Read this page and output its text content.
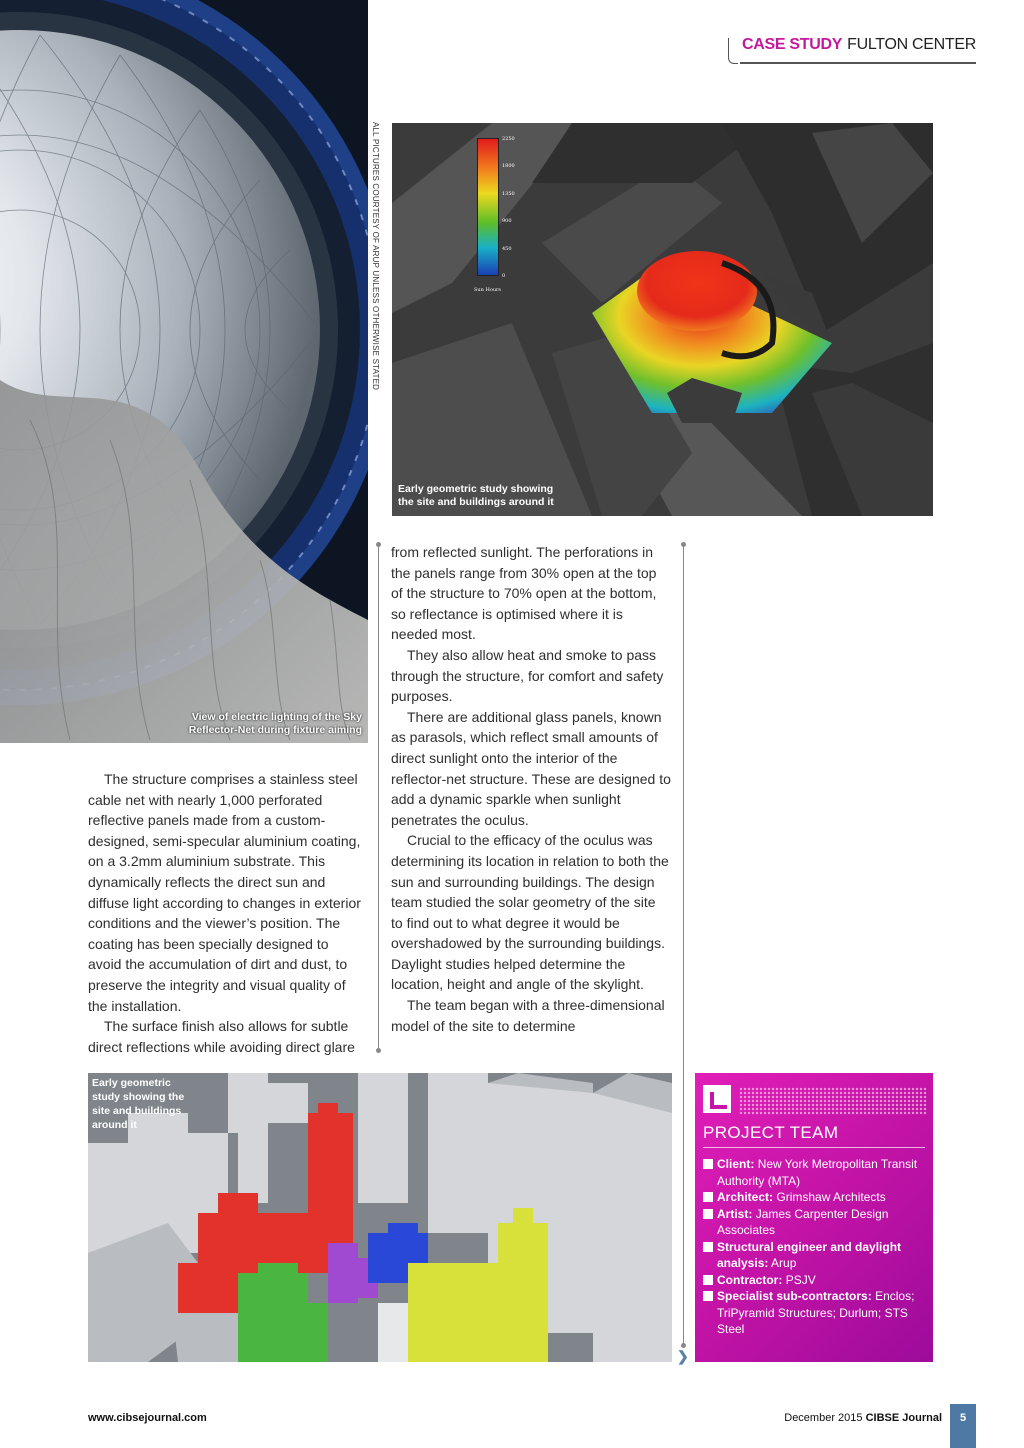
CASE STUDY FULTON CENTER
View of electric lighting of the Sky
Reflector-Net during fixture aiming
ALL PICTURES COURTESY OF ARUP UNLESS OTHERWISE STATED	2250
1800
1350
900
450
0
Sun Hours
Early geometric study showing
the site and buildings around it

The structure comprises a stainless steel cable net with nearly 1,000 perforated reflective panels made from a custom-designed, semi-specular aluminium coating, on a 3.2mm aluminium substrate. This dynamically reflects the direct sun and diffuse light according to changes in exterior conditions and the viewer’s position. The coating has been specially designed to avoid the accumulation of dirt and dust, to preserve the integrity and visual quality of the installation.

The surface finish also allows for subtle direct reflections while avoiding direct glare

from reflected sunlight. The perforations in the panels range from 30% open at the top of the structure to 70% open at the bottom, so reflectance is optimised where it is needed most.

They also allow heat and smoke to pass through the structure, for comfort and safety purposes.

There are additional glass panels, known as parasols, which reflect small amounts of direct sunlight onto the interior of the reflector-net structure. These are designed to add a dynamic sparkle when sunlight penetrates the oculus.

Crucial to the efficacy of the oculus was determining its location in relation to both the sun and surrounding buildings. The design team studied the solar geometry of the site to find out to what degree it would be overshadowed by the surrounding buildings. Daylight studies helped determine the location, height and angle of the skylight.

The team began with a three-dimensional model of the site to determine

Early geometric
study showing the
site and buildings
around it
❯
PROJECT TEAM
Client: New York Metropolitan Transit Authority (MTA)
Architect: Grimshaw Architects
Artist: James Carpenter Design Associates
Structural engineer and daylight analysis: Arup
Contractor: PSJV
Specialist sub-contractors: Enclos; TriPyramid Structures; Durlum; STS Steel
www.cibsejournal.com	December 2015 CIBSE Journal	5
